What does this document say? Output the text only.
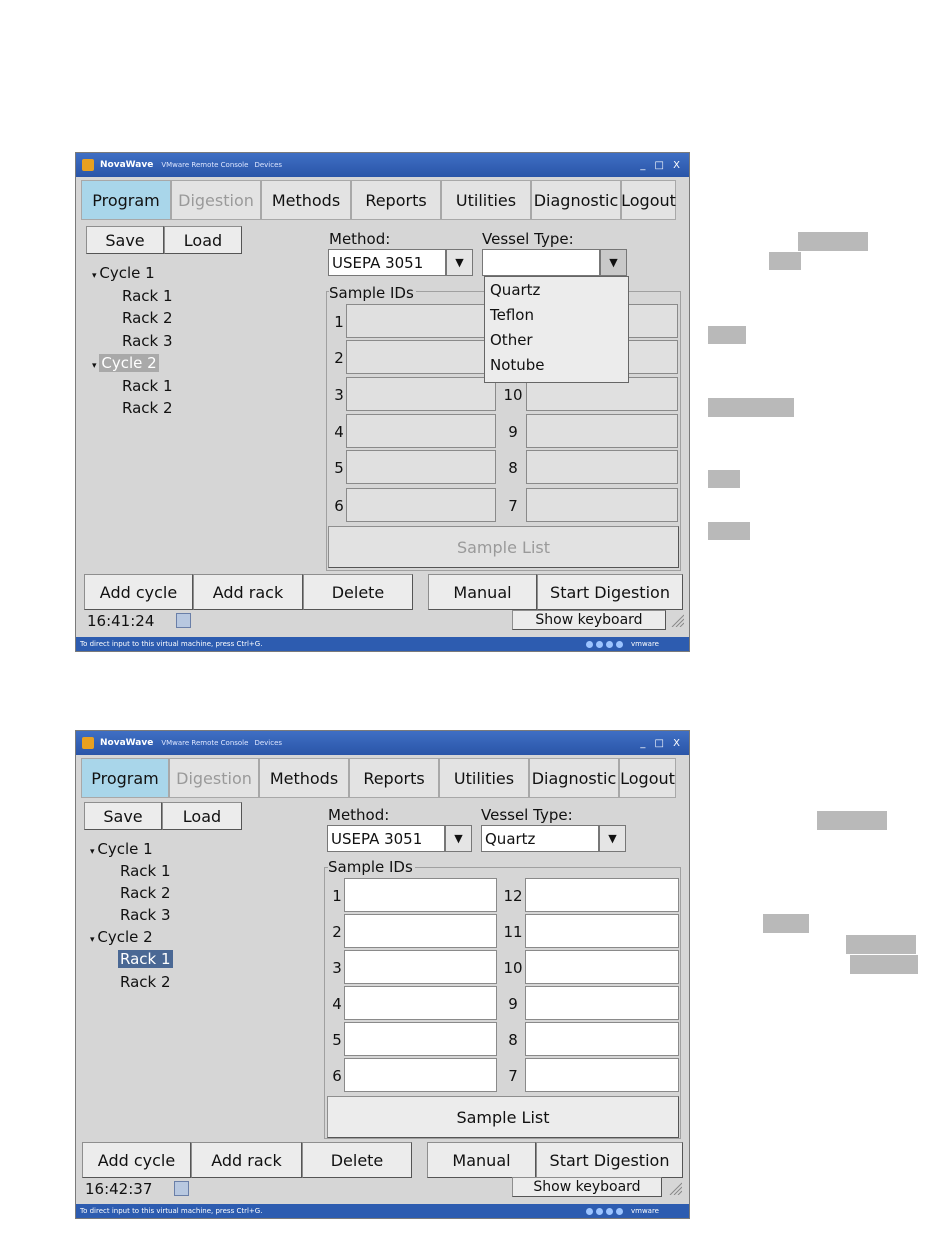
NovaWave VMware Remote Console Devices	_ □ X
Program	Digestion	Methods	Reports	Utilities	Diagnostic Logout
Save	Load
▾ Cycle 1
Rack 1
Rack 2
Rack 3
▾ Cycle 2
Rack 1
Rack 2
Method:
USEPA 3051	▼
Vessel Type:
▼
Sample IDs
1
2
3	10
4	9
5	8
6	7
Sample List
Quartz
Teflon
Other
Notube
Add cycle	Add rack	Delete	Manual	Start Digestion
16:41:24	Show keyboard
To direct input to this virtual machine, press Ctrl+G.	vmware
NovaWave VMware Remote Console Devices	_ □ X
Program	Digestion	Methods	Reports	Utilities	Diagnostic Logout
Save	Load
▾ Cycle 1
Rack 1
Rack 2
Rack 3
▾ Cycle 2
Rack 1
Rack 2
Method:
USEPA 3051	▼
Vessel Type:
Quartz	▼
Sample IDs
1	12
2	11
3	10
4	9
5	8
6	7
Sample List
Add cycle	Add rack	Delete	Manual	Start Digestion
16:42:37	Show keyboard
To direct input to this virtual machine, press Ctrl+G.	vmware
